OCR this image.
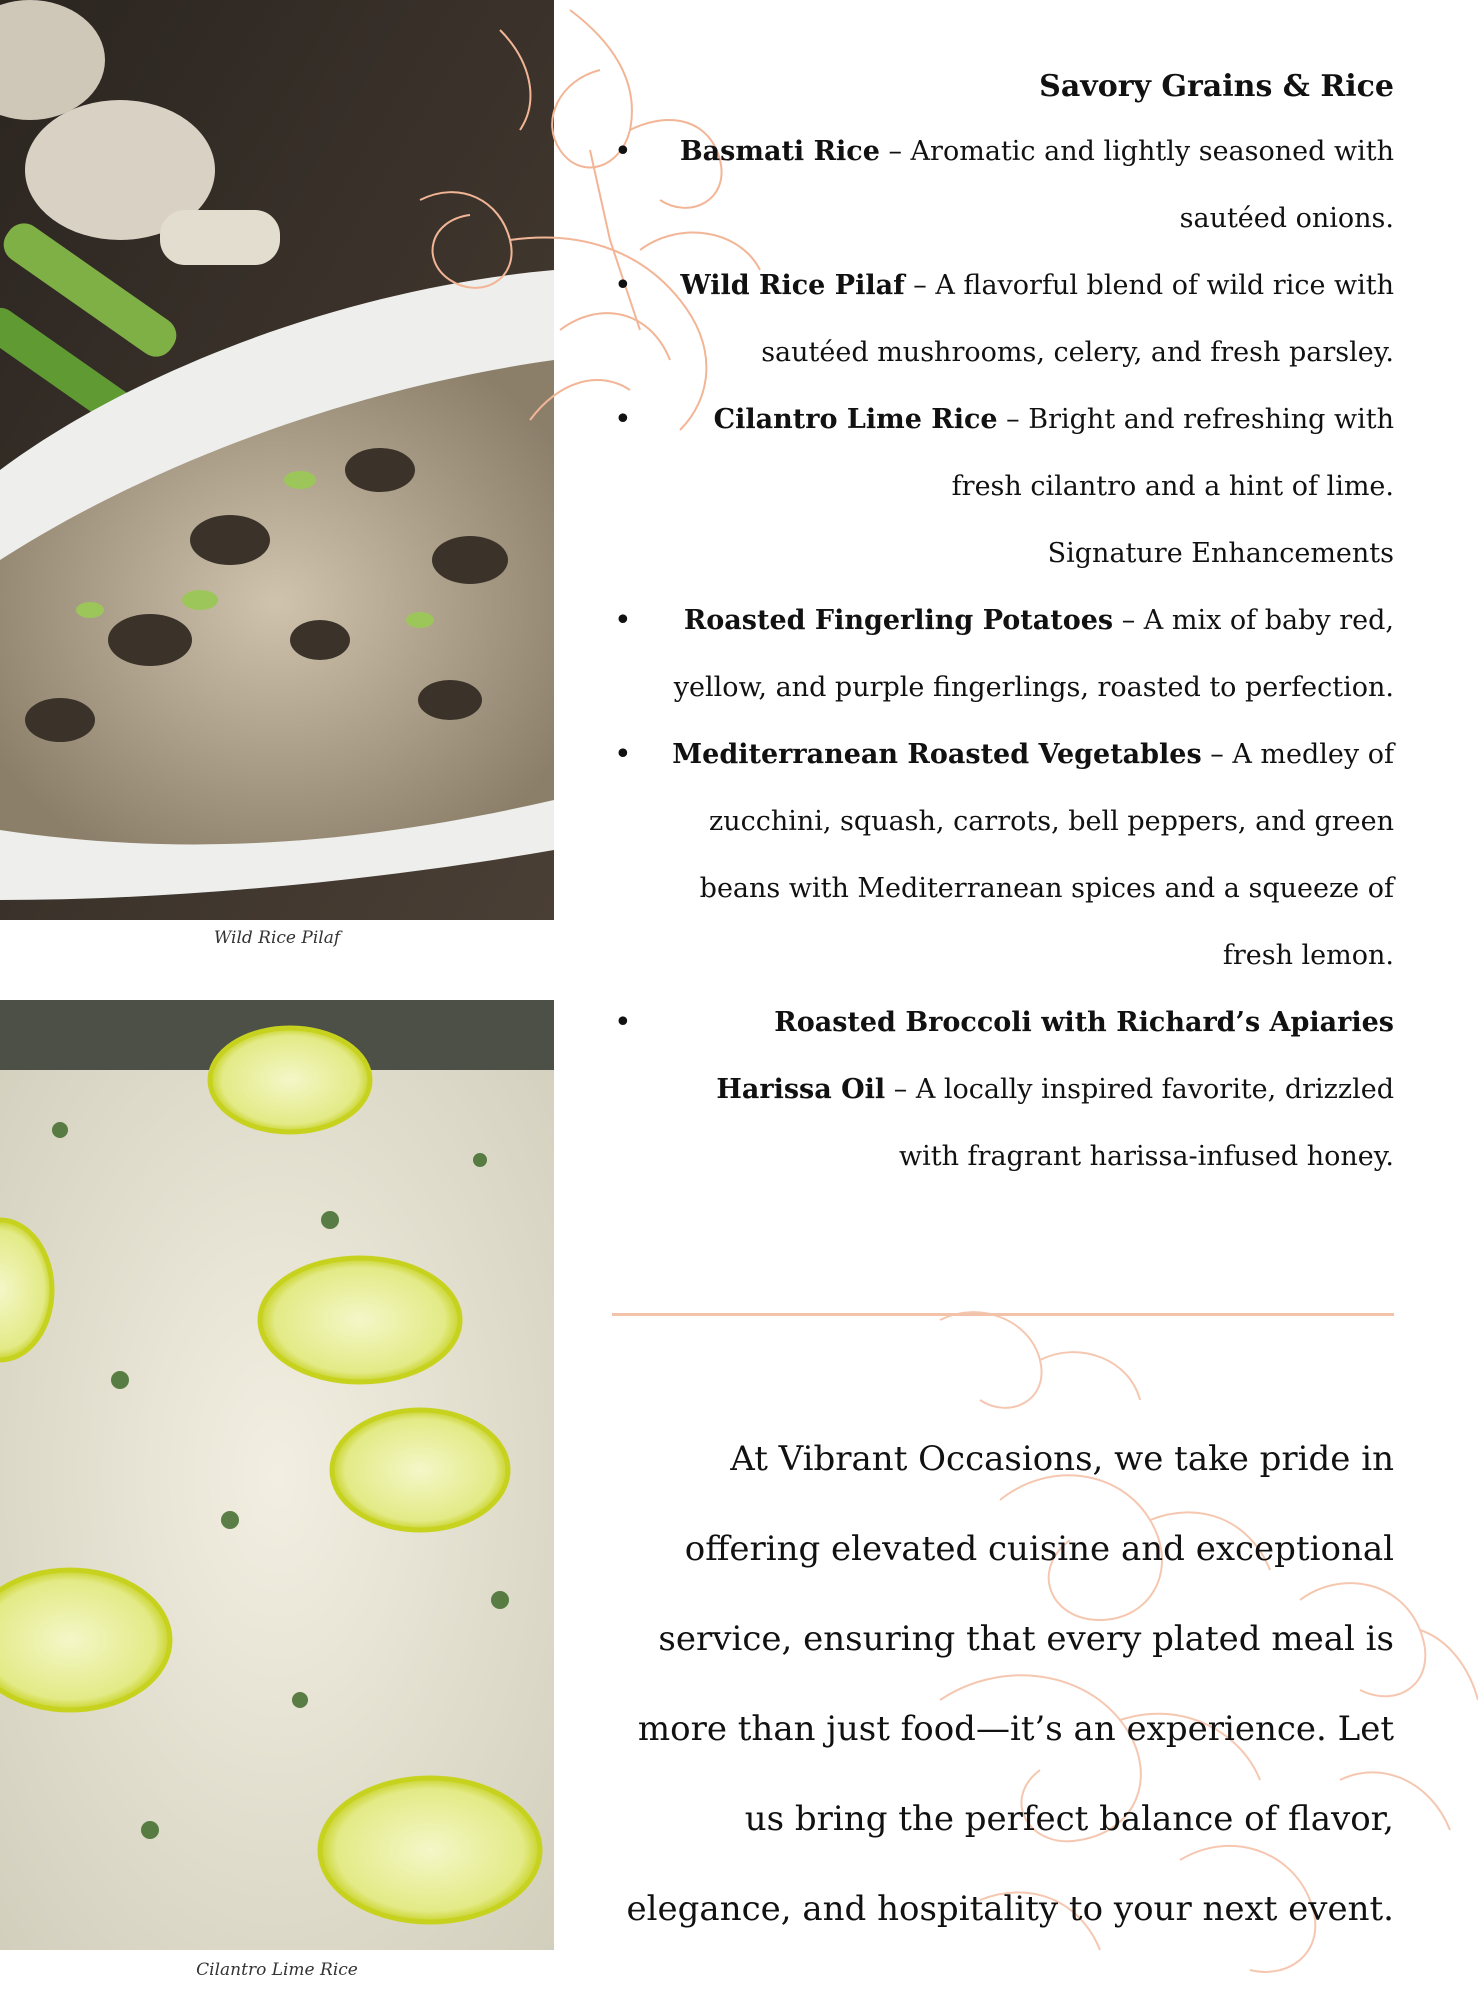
Wild Rice Pilaf
Cilantro Lime Rice
Savory Grains & Rice
• Basmati Rice – Aromatic and lightly seasoned with sautéed onions.
• Wild Rice Pilaf – A flavorful blend of wild rice with sautéed mushrooms, celery, and fresh parsley.
• Cilantro Lime Rice – Bright and refreshing with fresh cilantro and a hint of lime.
Signature Enhancements
• Roasted Fingerling Potatoes – A mix of baby red, yellow, and purple fingerlings, roasted to perfection.
• Mediterranean Roasted Vegetables – A medley of zucchini, squash, carrots, bell peppers, and green beans with Mediterranean spices and a squeeze of fresh lemon.
• Roasted Broccoli with Richard’s Apiaries Harissa Oil – A locally inspired favorite, drizzled with fragrant harissa-infused honey.

At Vibrant Occasions, we take pride in offering elevated cuisine and exceptional service, ensuring that every plated meal is more than just food—it’s an experience. Let us bring the perfect balance of flavor, elegance, and hospitality to your next event.
